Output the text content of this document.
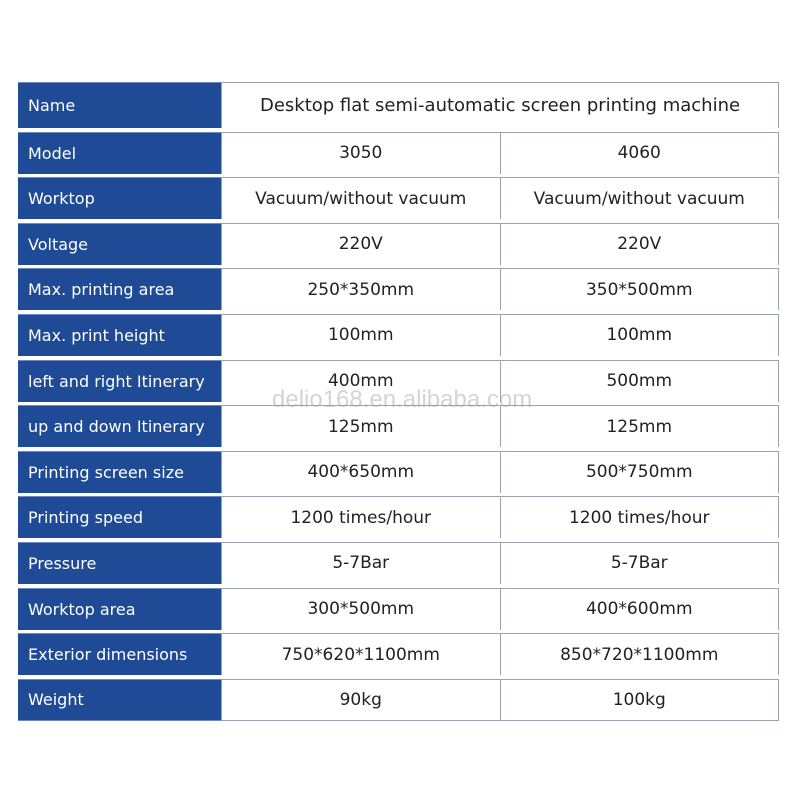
Name	Desktop flat semi-automatic screen printing machine
Model	3050	4060
Worktop	Vacuum/without vacuum	Vacuum/without vacuum
Voltage	220V	220V
Max. printing area	250*350mm	350*500mm
Max. print height	100mm	100mm
left and right Itinerary	400mm	500mm
up and down Itinerary	125mm	125mm
Printing screen size	400*650mm	500*750mm
Printing speed	1200 times/hour	1200 times/hour
Pressure	5-7Bar	5-7Bar
Worktop area	300*500mm	400*600mm
Exterior dimensions	750*620*1100mm	850*720*1100mm
Weight	90kg	100kg
delio168.en.alibaba.com
